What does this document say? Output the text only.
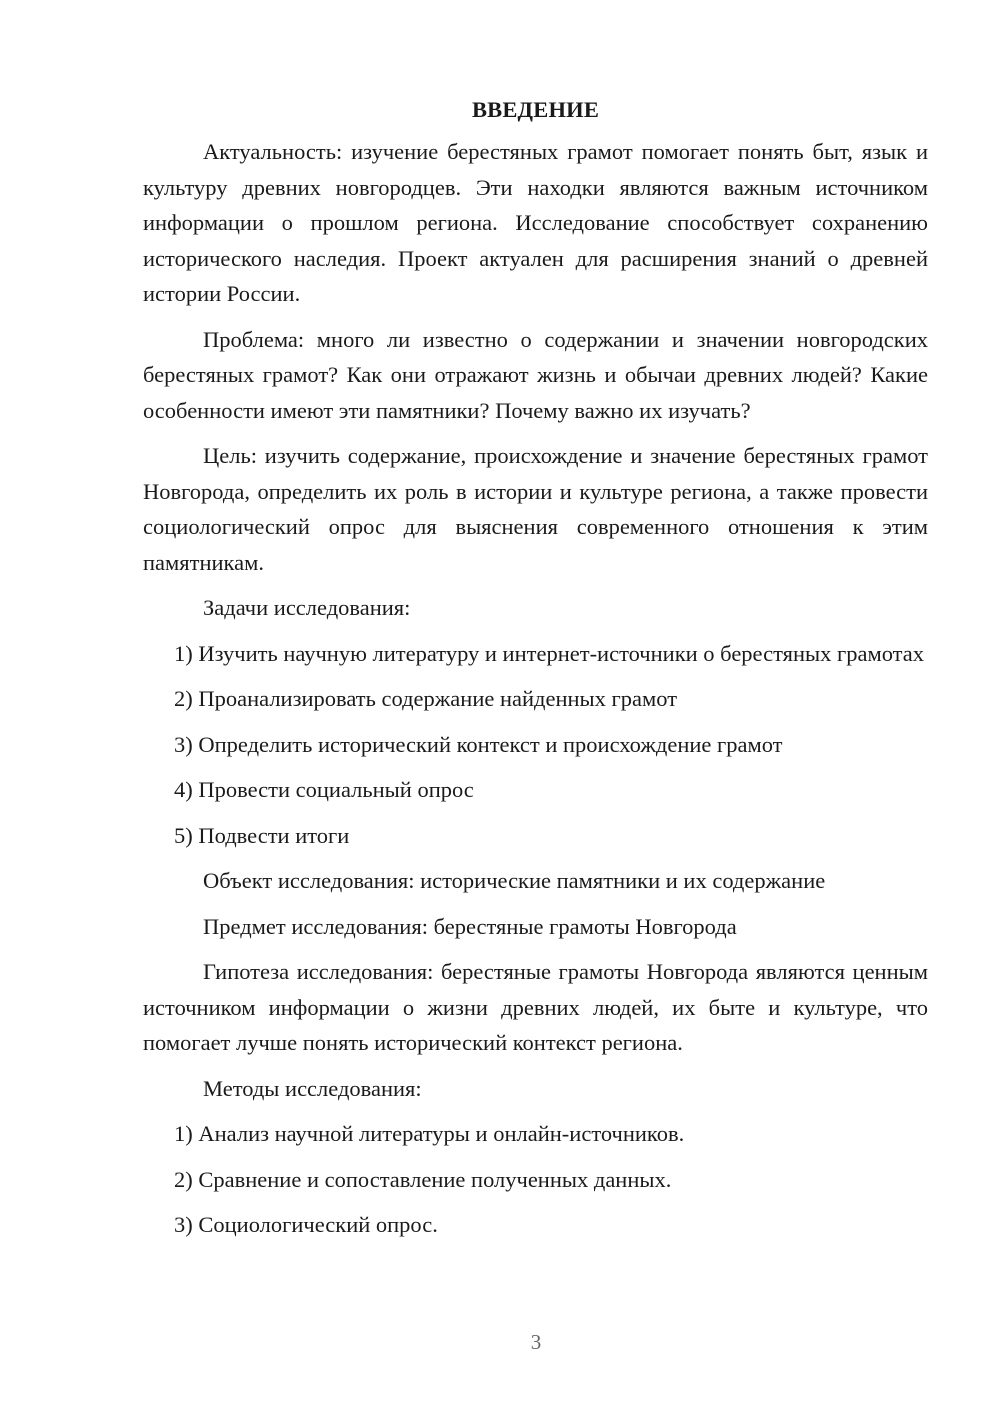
ВВЕДЕНИЕ

Актуальность: изучение берестяных грамот помогает понять быт, язык и культуру древних новгородцев. Эти находки являются важным источником информации о прошлом региона. Исследование способствует сохранению исторического наследия. Проект актуален для расширения знаний о древней истории России.

Проблема: много ли известно о содержании и значении новгородских берестяных грамот? Как они отражают жизнь и обычаи древних людей? Какие особенности имеют эти памятники? Почему важно их изучать?

Цель: изучить содержание, происхождение и значение берестяных грамот Новгорода, определить их роль в истории и культуре региона, а также провести социологический опрос для выяснения современного отношения к этим памятникам.

Задачи исследования:

1) Изучить научную литературу и интернет-источники о берестяных грамотах

2) Проанализировать содержание найденных грамот

3) Определить исторический контекст и происхождение грамот

4) Провести социальный опрос

5) Подвести итоги

Объект исследования: исторические памятники и их содержание

Предмет исследования: берестяные грамоты Новгорода

Гипотеза исследования: берестяные грамоты Новгорода являются ценным источником информации о жизни древних людей, их быте и культуре, что помогает лучше понять исторический контекст региона.

Методы исследования:

1) Анализ научной литературы и онлайн-источников.

2) Сравнение и сопоставление полученных данных.

3) Социологический опрос.

3
